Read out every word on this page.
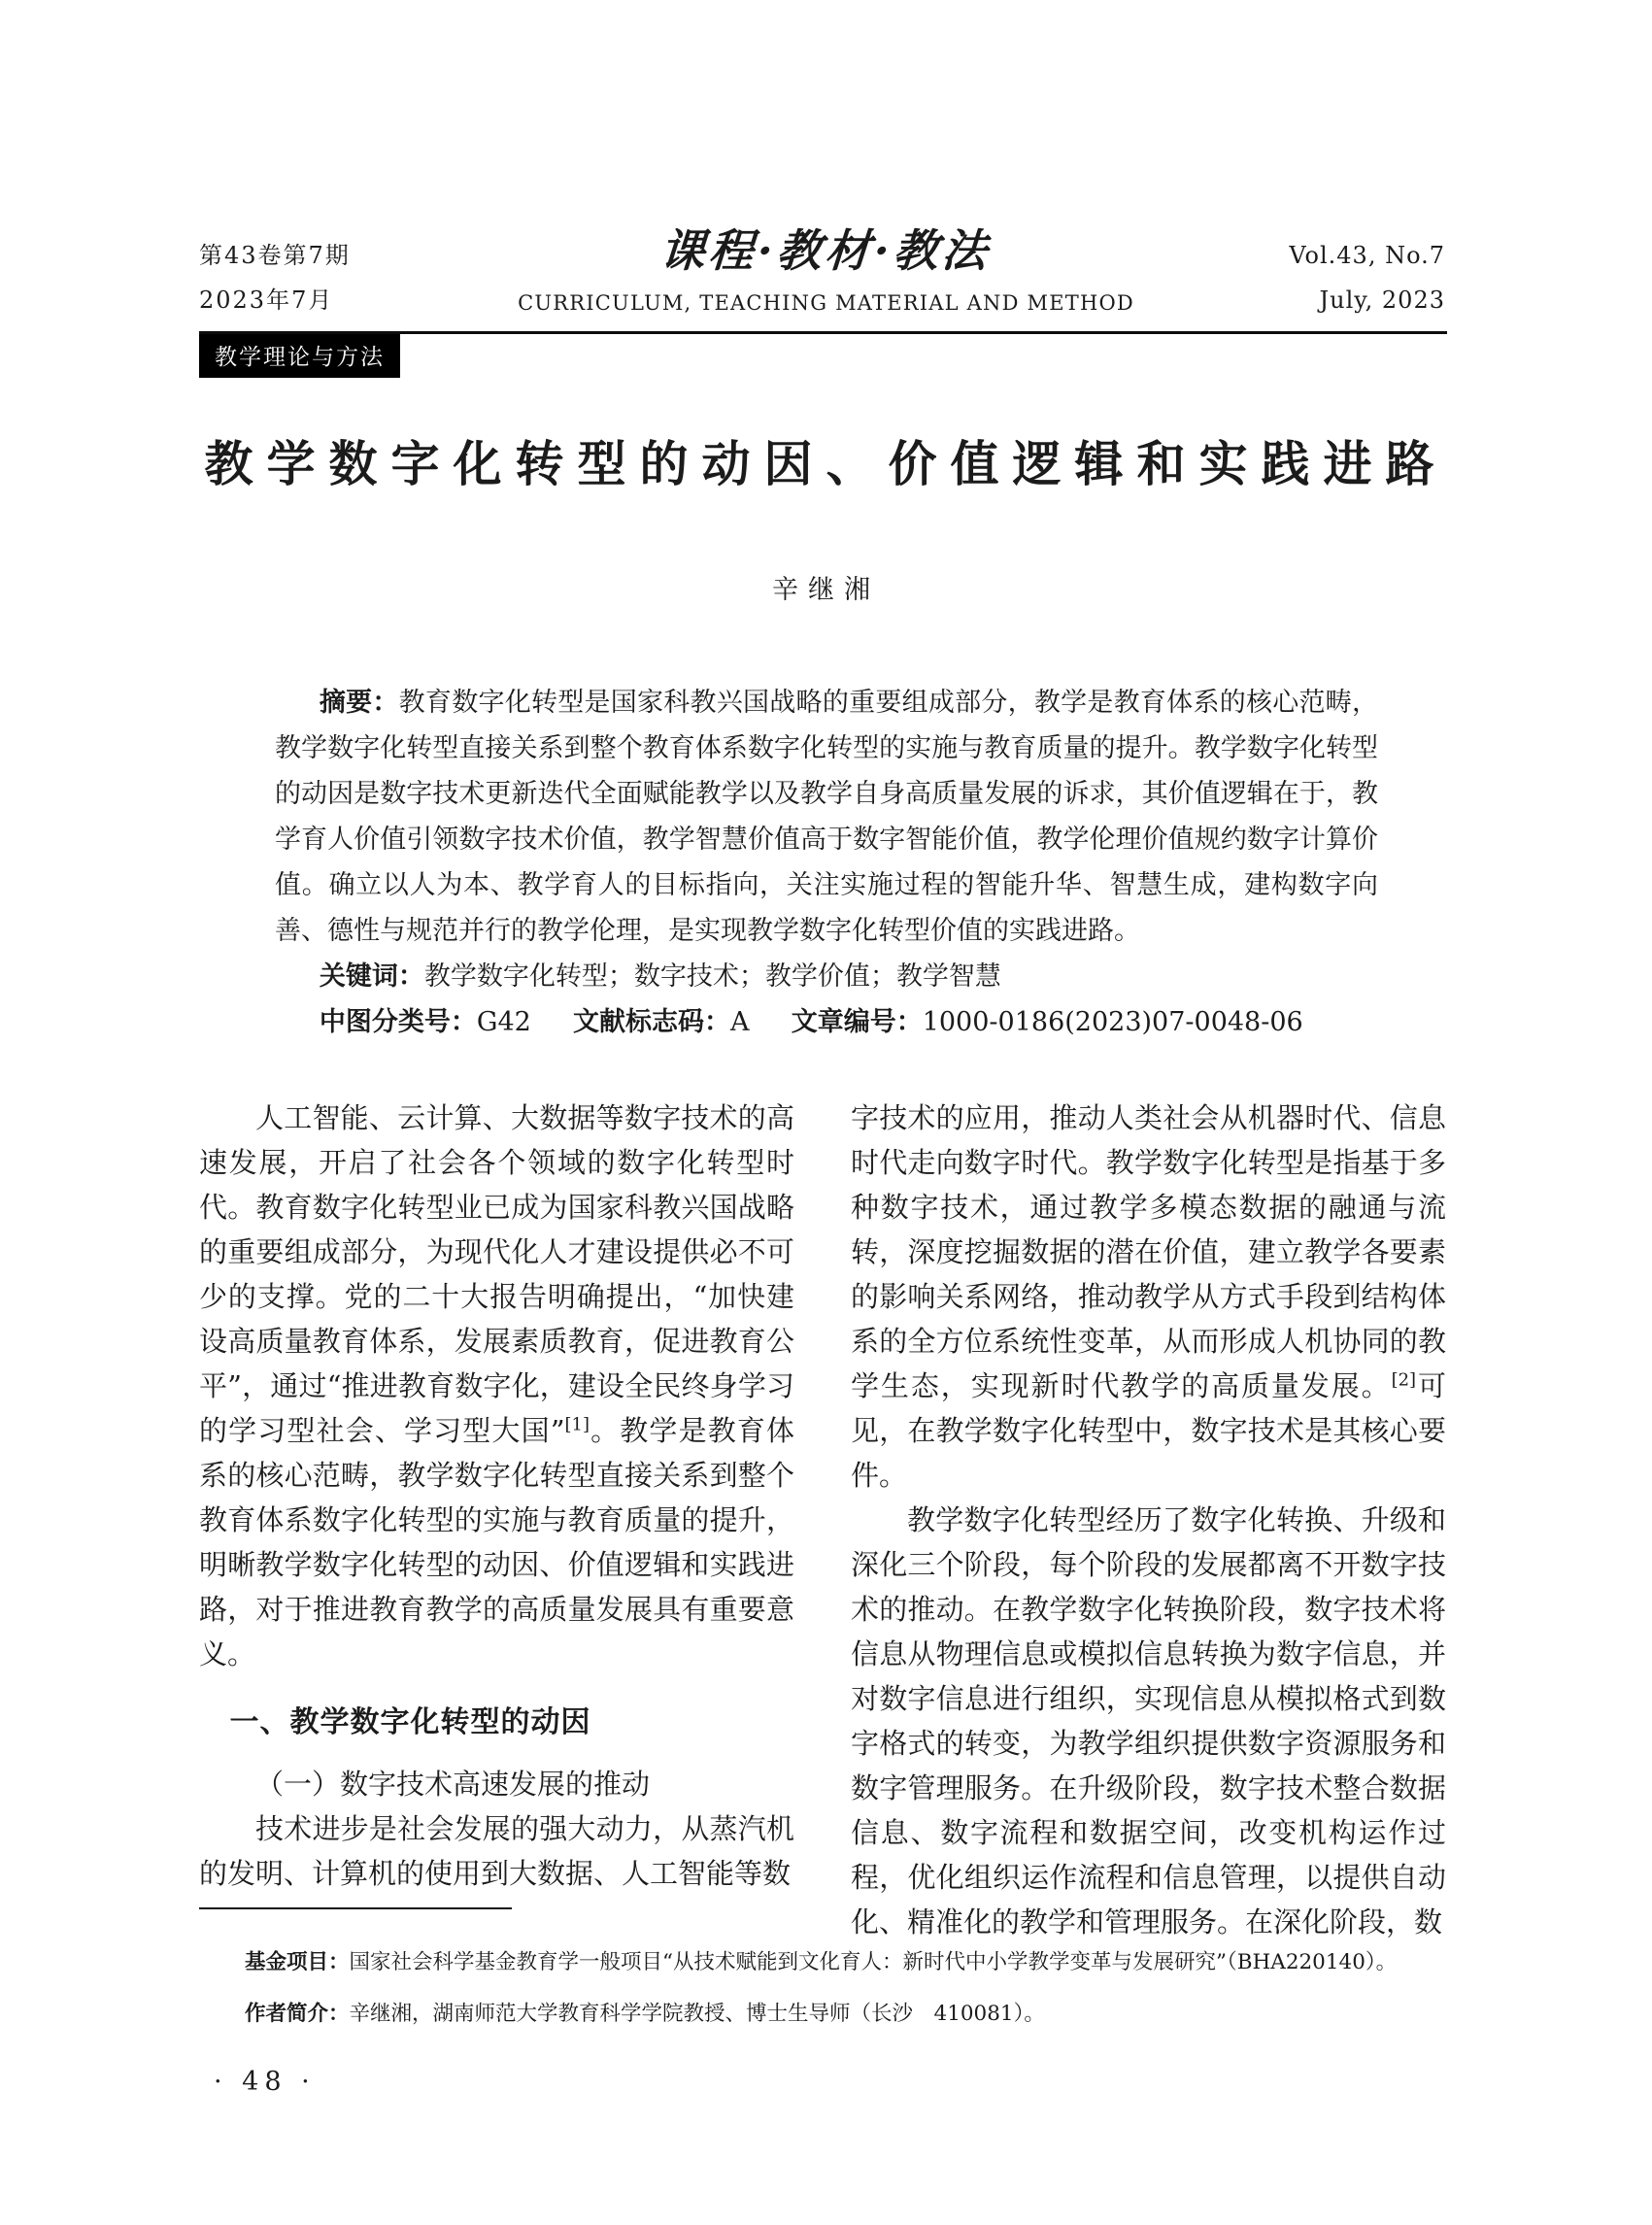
第43卷第7期
2023年7月
课程·教材·教法
CURRICULUM, TEACHING MATERIAL AND METHOD
Vol.43, No.7
July, 2023
教学理论与方法
教学数字化转型的动因、价值逻辑和实践进路
辛继湘

摘要：教育数字化转型是国家科教兴国战略的重要组成部分，教学是教育体系的核心范畴，教学数字化转型直接关系到整个教育体系数字化转型的实施与教育质量的提升。教学数字化转型的动因是数字技术更新迭代全面赋能教学以及教学自身高质量发展的诉求，其价值逻辑在于，教学育人价值引领数字技术价值，教学智慧价值高于数字智能价值，教学伦理价值规约数字计算价值。确立以人为本、教学育人的目标指向，关注实施过程的智能升华、智慧生成，建构数字向善、德性与规范并行的教学伦理，是实现教学数字化转型价值的实践进路。

关键词：教学数字化转型；数字技术；教学价值；教学智慧

中图分类号：G42 文献标志码：A 文章编号：1000-0186(2023)07-0048-06

人工智能、云计算、大数据等数字技术的高速发展，开启了社会各个领域的数字化转型时代。教育数字化转型业已成为国家科教兴国战略的重要组成部分，为现代化人才建设提供必不可少的支撑。党的二十大报告明确提出，“加快建设高质量教育体系，发展素质教育，促进教育公平”，通过“推进教育数字化，建设全民终身学习的学习型社会、学习型大国”[1]。教学是教育体系的核心范畴，教学数字化转型直接关系到整个教育体系数字化转型的实施与教育质量的提升，明晰教学数字化转型的动因、价值逻辑和实践进路，对于推进教育教学的高质量发展具有重要意义。

一、教学数字化转型的动因

（一）数字技术高速发展的推动

技术进步是社会发展的强大动力，从蒸汽机的发明、计算机的使用到大数据、人工智能等数

字技术的应用，推动人类社会从机器时代、信息时代走向数字时代。教学数字化转型是指基于多种数字技术，通过教学多模态数据的融通与流转，深度挖掘数据的潜在价值，建立教学各要素的影响关系网络，推动教学从方式手段到结构体系的全方位系统性变革，从而形成人机协同的教学生态，实现新时代教学的高质量发展。[2]可见，在教学数字化转型中，数字技术是其核心要件。

教学数字化转型经历了数字化转换、升级和深化三个阶段，每个阶段的发展都离不开数字技术的推动。在教学数字化转换阶段，数字技术将信息从物理信息或模拟信息转换为数字信息，并对数字信息进行组织，实现信息从模拟格式到数字格式的转变，为教学组织提供数字资源服务和数字管理服务。在升级阶段，数字技术整合数据信息、数字流程和数据空间，改变机构运作过程，优化组织运作流程和信息管理，以提供自动化、精准化的教学和管理服务。在深化阶段，数

基金项目：国家社会科学基金教育学一般项目“从技术赋能到文化育人：新时代中小学教学变革与发展研究”（BHA220140）。

作者简介：辛继湘，湖南师范大学教育科学学院教授、博士生导师（长沙　410081）。

· 48 ·
